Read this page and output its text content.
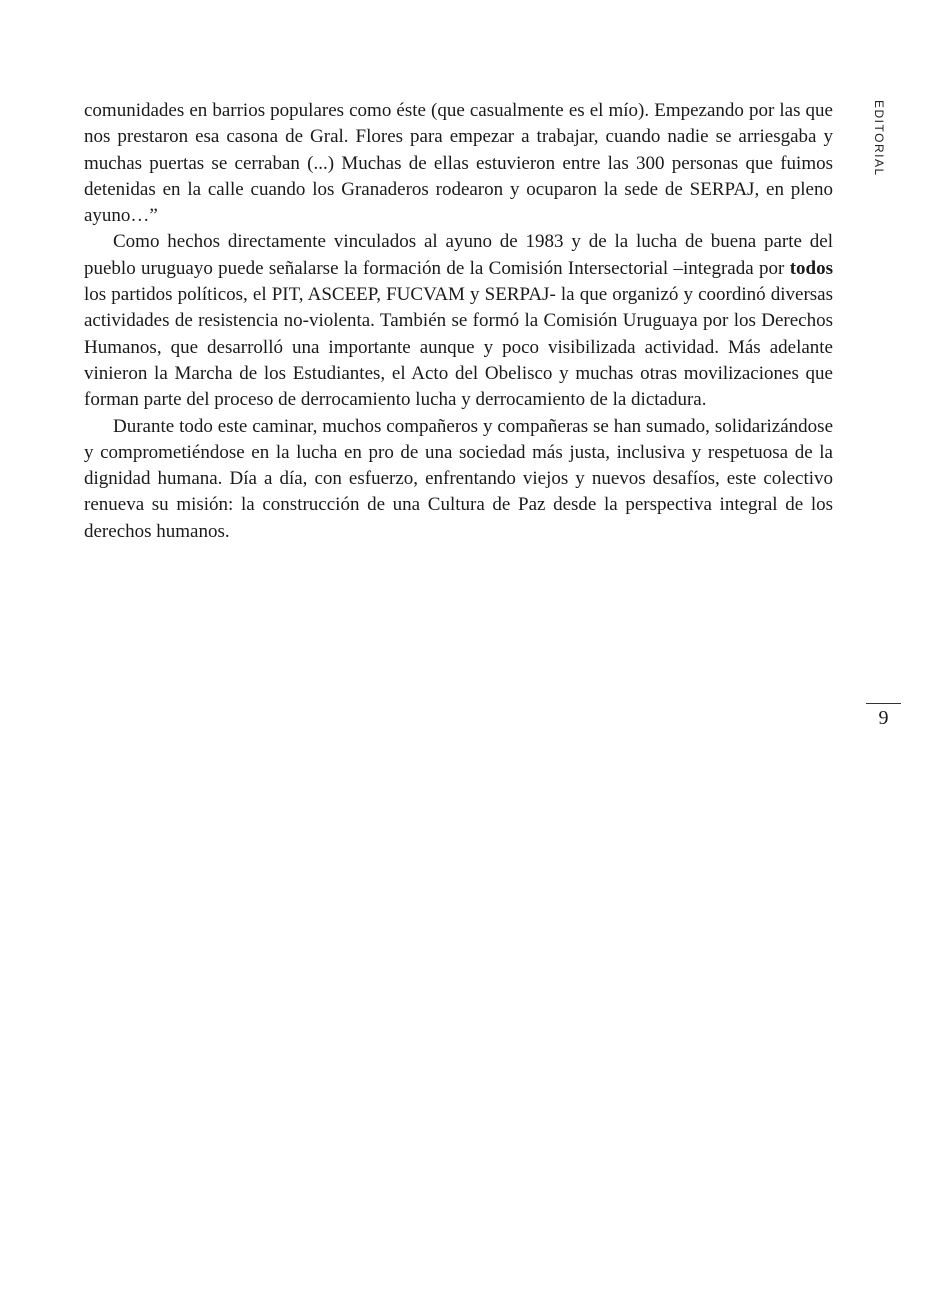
comunidades en barrios populares como éste (que casualmente es el mío). Empezando por las que nos prestaron esa casona de Gral. Flores para empezar a trabajar, cuando nadie se arriesgaba y muchas puertas se cerraban (...) Muchas de ellas estuvieron entre las 300 personas que fuimos detenidas en la calle cuando los Granaderos rodearon y ocuparon la sede de SERPAJ, en pleno ayuno…”

Como hechos directamente vinculados al ayuno de 1983 y de la lucha de buena parte del pueblo uruguayo puede señalarse la formación de la Comisión Intersectorial –integrada por todos los partidos políticos, el PIT, ASCEEP, FUCVAM y SERPAJ- la que organizó y coordinó diversas actividades de resistencia no-violenta. También se formó la Comisión Uruguaya por los Derechos Humanos, que desarrolló una importante aunque y poco visibilizada actividad. Más adelante vinieron la Marcha de los Estudiantes, el Acto del Obelisco y muchas otras movilizaciones que forman parte del proceso de derrocamiento lucha y derrocamiento de la dictadura.

Durante todo este caminar, muchos compañeros y compañeras se han sumado, solidarizándose y comprometiéndose en la lucha en pro de una sociedad más justa, inclusiva y respetuosa de la dignidad humana. Día a día, con esfuerzo, enfrentando viejos y nuevos desafíos, este colectivo renueva su misión: la construcción de una Cultura de Paz desde la perspectiva integral de los derechos humanos.

EDITORIAL
9
